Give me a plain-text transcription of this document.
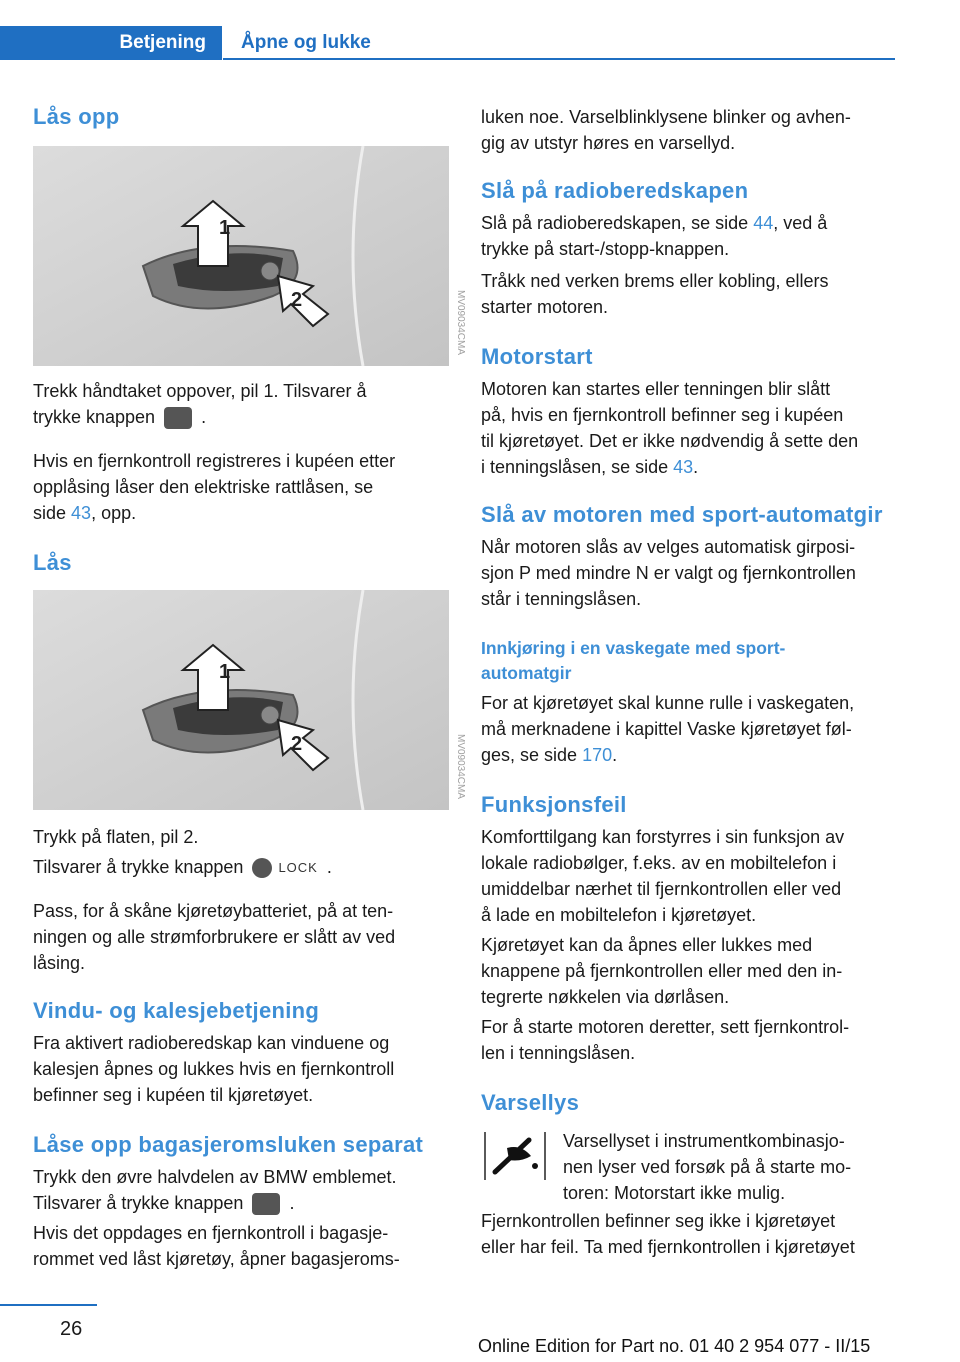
Betjening	Åpne og lukke
Lås opp
1
2	MV09034CMA
Trekk håndtaket oppover, pil 1. Tilsvarer å
trykke knappen	.
Hvis en fjernkontroll registreres i kupéen etter
opplåsing låser den elektriske rattlåsen, se
side 43, opp.
Lås
1
2	MV09034CMA
Trykk på flaten, pil 2.
Tilsvarer å trykke knappen	LOCK .
Pass, for å skåne kjøretøybatteriet, på at ten-
ningen og alle strømforbrukere er slått av ved
låsing.
Vindu- og kalesjebetjening
Fra aktivert radioberedskap kan vinduene og
kalesjen åpnes og lukkes hvis en fjernkontroll
befinner seg i kupéen til kjøretøyet.
Låse opp bagasjeromsluken separat
Trykk den øvre halvdelen av BMW emblemet.
Tilsvarer å trykke knappen	.
Hvis det oppdages en fjernkontroll i bagasje-
rommet ved låst kjøretøy, åpner bagasjeroms-
luken noe. Varselblinklysene blinker og avhen-
gig av utstyr høres en varsellyd.
Slå på radioberedskapen
Slå på radioberedskapen, se side 44, ved å
trykke på start-/stopp-knappen.
Tråkk ned verken brems eller kobling, ellers
starter motoren.
Motorstart
Motoren kan startes eller tenningen blir slått
på, hvis en fjernkontroll befinner seg i kupéen
til kjøretøyet. Det er ikke nødvendig å sette den
i tenningslåsen, se side 43.
Slå av motoren med sport-automatgir
Når motoren slås av velges automatisk girposi-
sjon P med mindre N er valgt og fjernkontrollen
står i tenningslåsen.
Innkjøring i en vaskegate med sport-
automatgir
For at kjøretøyet skal kunne rulle i vaskegaten,
må merknadene i kapittel Vaske kjøretøyet føl-
ges, se side 170.
Funksjonsfeil
Komforttilgang kan forstyrres i sin funksjon av
lokale radiobølger, f.eks. av en mobiltelefon i
umiddelbar nærhet til fjernkontrollen eller ved
å lade en mobiltelefon i kjøretøyet.
Kjøretøyet kan da åpnes eller lukkes med
knappene på fjernkontrollen eller med den in-
tegrerte nøkkelen via dørlåsen.
For å starte motoren deretter, sett fjernkontrol-
len i tenningslåsen.
Varsellys
Varsellyset i instrumentkombinasjo-
nen lyser ved forsøk på å starte mo-
toren: Motorstart ikke mulig.
Fjernkontrollen befinner seg ikke i kjøretøyet
eller har feil. Ta med fjernkontrollen i kjøretøyet
26
Online Edition for Part no. 01 40 2 954 077 - II/15
